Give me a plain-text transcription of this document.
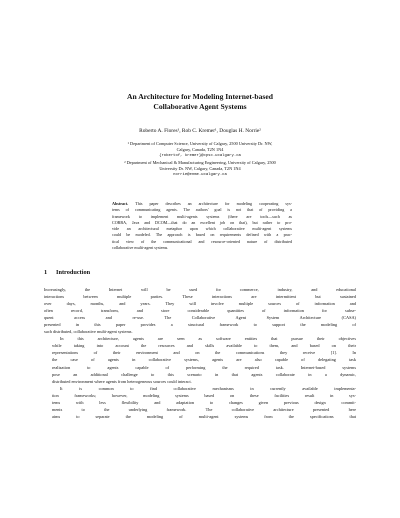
An Architecture for Modeling Internet-based
Collaborative Agent Systems
Roberto A. Flores¹, Rob C. Kremer¹, Douglas H. Norrie²
¹ Department of Computer Science, University of Calgary, 2500 University Dr. NW,
Calgary, Canada, T2N 1N4
{robertof, kremer}@cpsc.ucalgary.ca
² Department of Mechanical & Manufacturing Engineering, University of Calgary, 2500
University Dr. NW, Calgary, Canada, T2N 1N4
norrie@enme.ucalgary.ca
Abstract. This paper describes an architecture for modeling cooperating sys-
tems of communicating agents. The authors' goal is not that of providing a
framework to implement multi-agents systems (there are tools—such as
CORBA, Java and DCOM—that do an excellent job on that), but rather to pro-
vide an architectural metaphor upon which collaborative multi-agent systems
could be modeled. The approach is based on requirements defined with a prac-
tical view of the communicational and resource-oriented nature of distributed
collaborative multi-agent systems.
1 Introduction

Increasingly, the Internet will be used for commerce, industry, and educational
interactions between multiple parties. These interactions are intermittent but sustained
over days, months, and years. They will involve multiple sources of information and
often record, transform, and store considerable quantities of information for subse-
quent access and re-use. The Collaborative Agent System Architecture (CASA)
presented in this paper provides a structural framework to support the modeling of
such distributed, collaborative multi-agent systems.

In this architecture, agents are seen as software entities that pursue their objectives
while taking into account the resources and skills available to them, and based on their
representations of their environment and on the communications they receive [1]. In
the case of agents in collaborative systems, agents are also capable of delegating task
realization to agents capable of performing the required task. Internet-based systems
pose an additional challenge to this scenario in that agents collaborate in a dynamic,
distributed environment where agents from heterogeneous sources could interact.

It is common to find collaborative mechanisms in currently available implementa-
tion frameworks; however, modeling systems based on these facilities result in sys-
tems with less flexibility and adaptation to changes given previous design commit-
ments to the underlying framework. The collaborative architecture presented here
aims to separate the modeling of multi-agent systems from the specifications that
